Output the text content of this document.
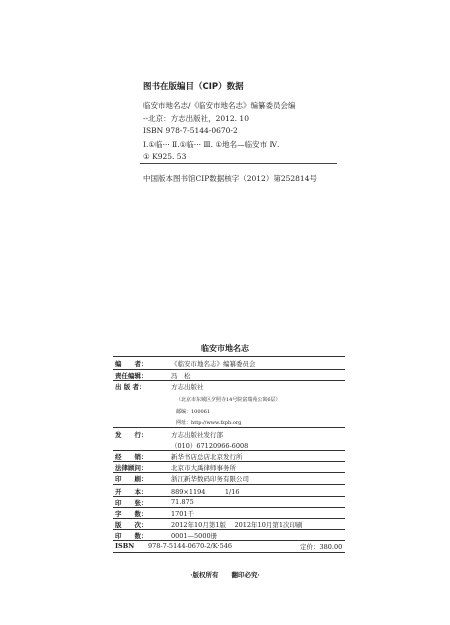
图书在版编目（CIP）数据
临安市地名志/《临安市地名志》编纂委员会编
--北京：方志出版社，2012. 10
ISBN 978-7-5144-0670-2
Ⅰ.①临··· Ⅱ.①临··· Ⅲ. ①地名—临安市 Ⅳ.
① K925. 53
中国版本图书馆CIP数据核字（2012）第252814号
临安市地名志
编　　者：	《临安市地名志》编纂委员会
责任编辑：	冯　松
出 版 者：	方志出版社
（北京市东城区夕照寺14号院富瑞苑公寓6层）
邮编：100061
网址：http://www.fzph.org
发　　行：	方志出版社发行部
（010）67120966-6008
经　　销：	新华书店总店北京发行所
法律顾问：	北京市大禹律师事务所
印　　刷：	浙江新华数码印务有限公司
开　　本：	889×1194　　　1/16
印　　张：	71.875
字　　数：	1701千
版　　次：	2012年10月第1版　 2012年10月第1次印刷
印　　数：	0001—5000册
ISBN 978-7-5144-0670-2/K·546	定价：380.00
·版权所有　　翻印必究·
